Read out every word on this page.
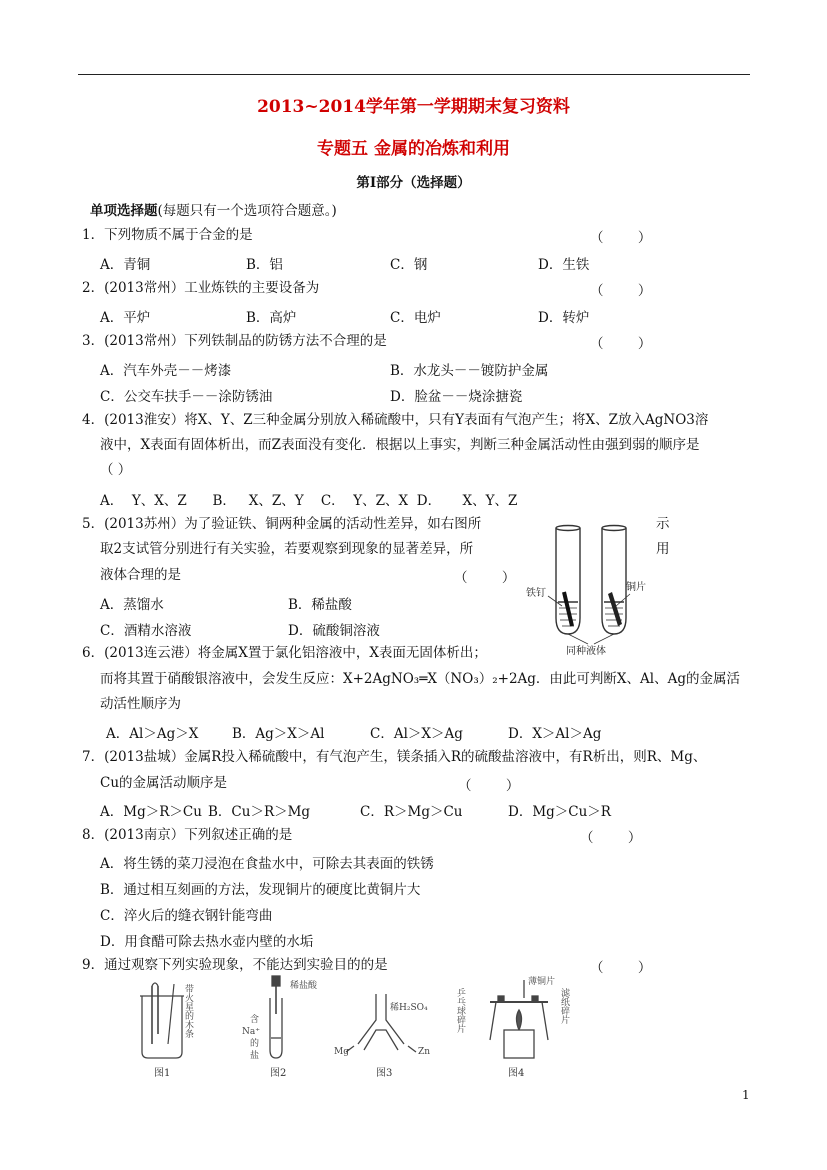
2013~2014学年第一学期期末复习资料
专题五 金属的冶炼和利用
第Ⅰ部分（选择题）
单项选择题(每题只有一个选项符合题意。)
1．下列物质不属于合金的是	（        ）
A．青铜	B．铝	C．钢	D．生铁
2．(2013常州）工业炼铁的主要设备为	（        ）
A．平炉	B．高炉	C．电炉	D．转炉
3．(2013常州）下列铁制品的防锈方法不合理的是	（        ）
A．汽车外壳－－烤漆	B．水龙头－－镀防护金属
C．公交车扶手－－涂防锈油	D．脸盆－－烧涂搪瓷
4．(2013淮安）将X、Y、Z三种金属分别放入稀硫酸中，只有Y表面有气泡产生；将X、Z放入AgNO3溶
液中，X表面有固体析出，而Z表面没有变化．根据以上事实，判断三种金属活动性由强到弱的顺序是
（ ）
A．  Y、X、Z      B．   X、Z、Y    C．  Y、Z、X  D．     X、Y、Z
5．(2013苏州）为了验证铁、铜两种金属的活动性差异，如右图所	示
取2支试管分别进行有关实验，若要观察到现象的显著差异，所	用
液体合理的是	（        ）
A．蒸馏水	B．稀盐酸
C．酒精水溶液	D．硫酸铜溶液
铁钉
铜片
同种液体
6．(2013连云港）将金属X置于氯化铝溶液中，X表面无固体析出；
而将其置于硝酸银溶液中，会发生反应：X+2AgNO₃═X（NO₃）₂+2Ag．由此可判断X、Al、Ag的金属活
动活性顺序为
A．Al＞Ag＞X B．Ag＞X＞Al	C．Al＞X＞Ag	D．X＞Al＞Ag
7．(2013盐城）金属R投入稀硫酸中，有气泡产生，镁条插入R的硫酸盐溶液中，有R析出，则R、Mg、
Cu的金属活动顺序是	（        ）
A．Mg＞R＞Cu B．Cu＞R＞Mg	C．R＞Mg＞Cu	D．Mg＞Cu＞R
8．(2013南京）下列叙述正确的是	（        ）
A．将生锈的菜刀浸泡在食盐水中，可除去其表面的铁锈
B．通过相互刻画的方法，发现铜片的硬度比黄铜片大
C．淬火后的缝衣钢针能弯曲
D．用食醋可除去热水壶内壁的水垢
9．通过观察下列实验现象，不能达到实验目的的是	（        ）
带火星的木条
图1
稀盐酸
含
Na⁺
的
盐
图2
稀H₂SO₄
Mg	Zn
图3
薄铜片
乒乓球碎片	滤纸碎片
图4
1
